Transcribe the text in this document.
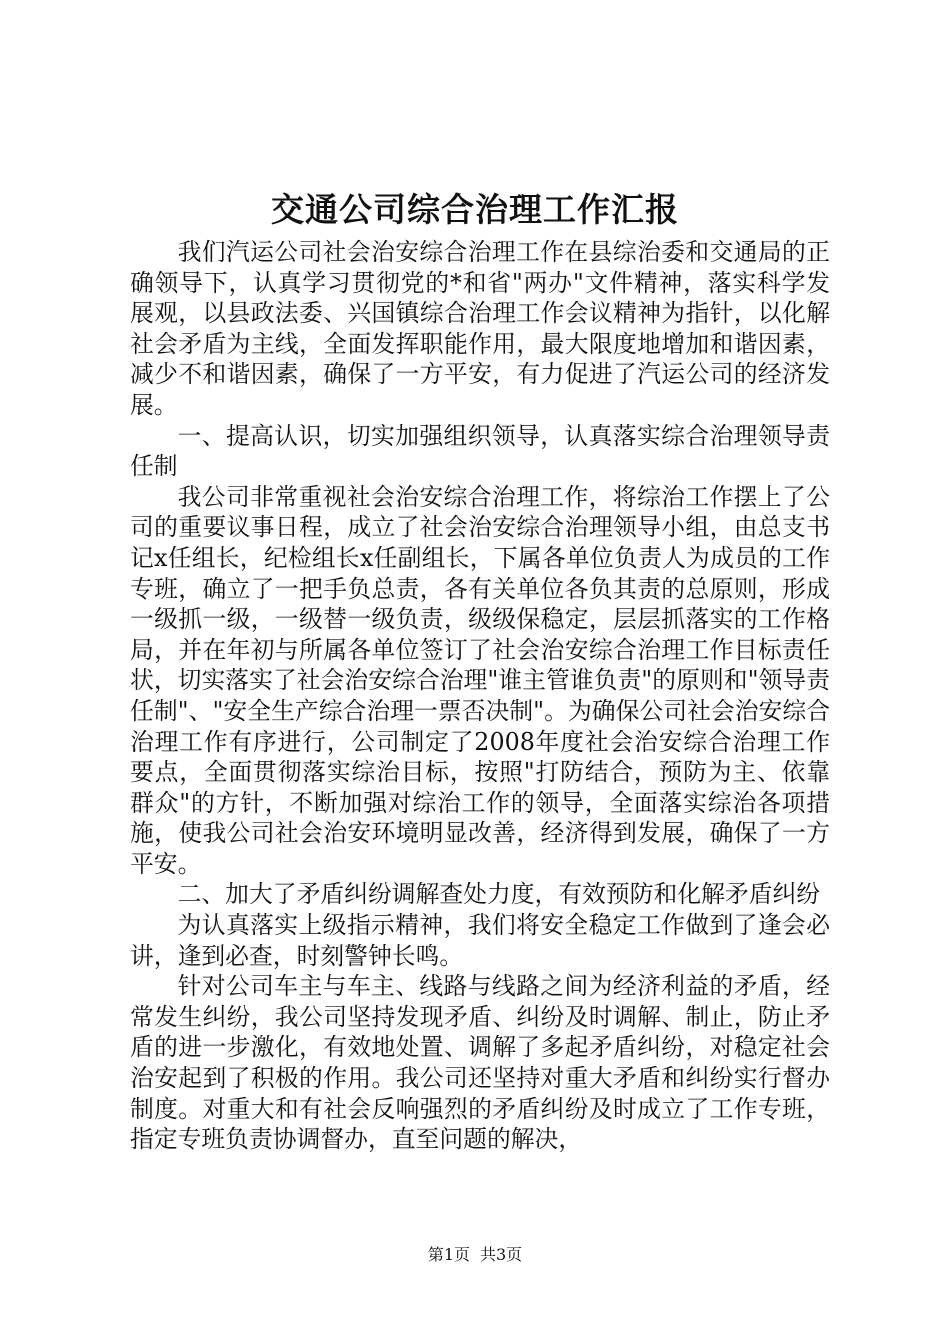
交通公司综合治理工作汇报

我们汽运公司社会治安综合治理工作在县综治委和交通局的正确领导下，认真学习贯彻党的*和省"两办"文件精神，落实科学发展观，以县政法委、兴国镇综合治理工作会议精神为指针，以化解社会矛盾为主线，全面发挥职能作用，最大限度地增加和谐因素，减少不和谐因素，确保了一方平安，有力促进了汽运公司的经济发展。

一、提高认识，切实加强组织领导，认真落实综合治理领导责任制

我公司非常重视社会治安综合治理工作，将综治工作摆上了公司的重要议事日程，成立了社会治安综合治理领导小组，由总支书记x任组长，纪检组长x任副组长，下属各单位负责人为成员的工作专班，确立了一把手负总责，各有关单位各负其责的总原则，形成一级抓一级，一级替一级负责，级级保稳定，层层抓落实的工作格局，并在年初与所属各单位签订了社会治安综合治理工作目标责任状，切实落实了社会治安综合治理"谁主管谁负责"的原则和"领导责任制"、"安全生产综合治理一票否决制"。为确保公司社会治安综合治理工作有序进行，公司制定了2008年度社会治安综合治理工作要点，全面贯彻落实综治目标，按照"打防结合，预防为主、依靠群众"的方针，不断加强对综治工作的领导，全面落实综治各项措施，使我公司社会治安环境明显改善，经济得到发展，确保了一方平安。

二、加大了矛盾纠纷调解查处力度，有效预防和化解矛盾纠纷

为认真落实上级指示精神，我们将安全稳定工作做到了逢会必讲，逢到必查，时刻警钟长鸣。

针对公司车主与车主、线路与线路之间为经济利益的矛盾，经常发生纠纷，我公司坚持发现矛盾、纠纷及时调解、制止，防止矛盾的进一步激化，有效地处置、调解了多起矛盾纠纷，对稳定社会治安起到了积极的作用。我公司还坚持对重大矛盾和纠纷实行督办制度。对重大和有社会反响强烈的矛盾纠纷及时成立了工作专班，指定专班负责协调督办，直至问题的解决，

第1页 共3页
